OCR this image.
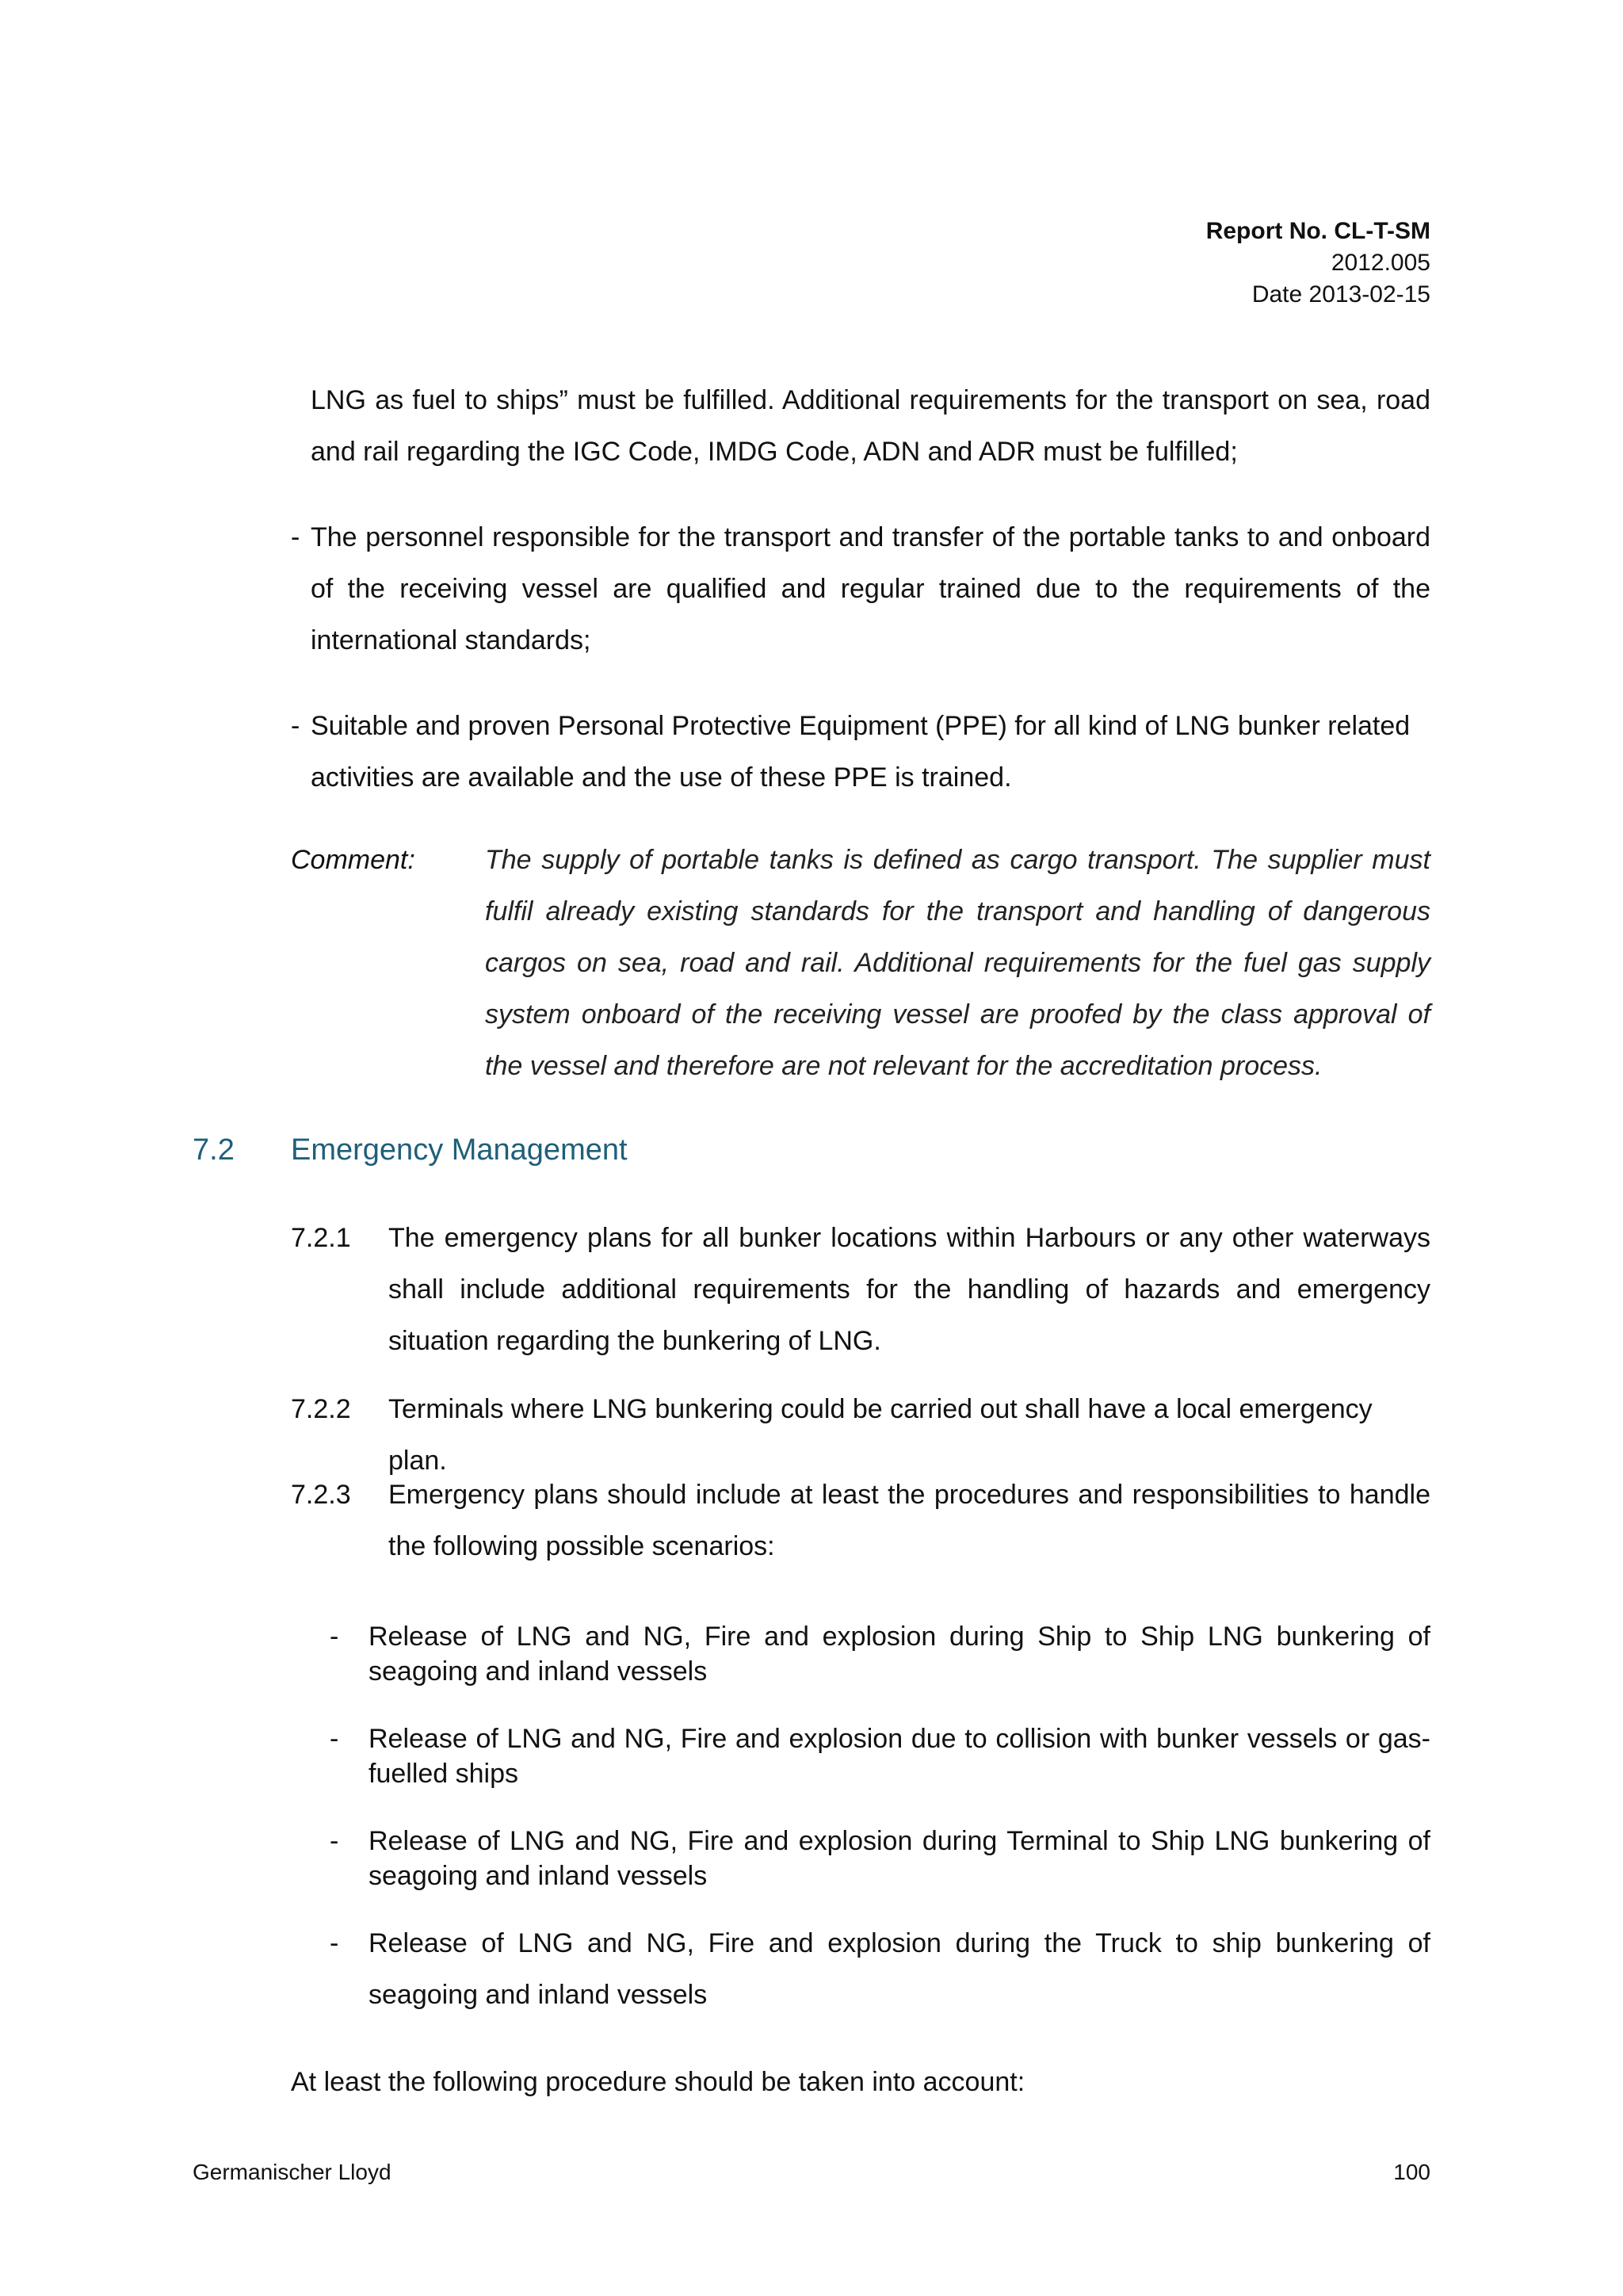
Report No. CL-T-SM
2012.005
Date 2013-02-15
LNG as fuel to ships” must be fulfilled. Additional requirements for the transport on sea, road and rail regarding the IGC Code, IMDG Code, ADN and ADR must be fulfilled;
- The personnel responsible for the transport and transfer of the portable tanks to and onboard of the receiving vessel are qualified and regular trained due to the requirements of the international standards;
- Suitable and proven Personal Protective Equipment (PPE) for all kind of LNG bunker related activities are available and the use of these PPE is trained.
Comment:	The supply of portable tanks is defined as cargo transport. The supplier must fulfil already existing standards for the transport and handling of dangerous cargos on sea, road and rail. Additional requirements for the fuel gas supply system onboard of the receiving vessel are proofed by the class approval of the vessel and therefore are not relevant for the accreditation process.
7.2 Emergency Management
7.2.1 The emergency plans for all bunker locations within Harbours or any other waterways shall include additional requirements for the handling of hazards and emergency situation regarding the bunkering of LNG.
7.2.2 Terminals where LNG bunkering could be carried out shall have a local emergency plan.
7.2.3 Emergency plans should include at least the procedures and responsibilities to handle the following possible scenarios:
- Release of LNG and NG, Fire and explosion during Ship to Ship LNG bunkering of seagoing and inland vessels
- Release of LNG and NG, Fire and explosion due to collision with bunker vessels or gas-fuelled ships
- Release of LNG and NG, Fire and explosion during Terminal to Ship LNG bunkering of seagoing and inland vessels
- Release of LNG and NG, Fire and explosion during the Truck to ship bunkering of seagoing and inland vessels
At least the following procedure should be taken into account:
Germanischer Lloyd	100
